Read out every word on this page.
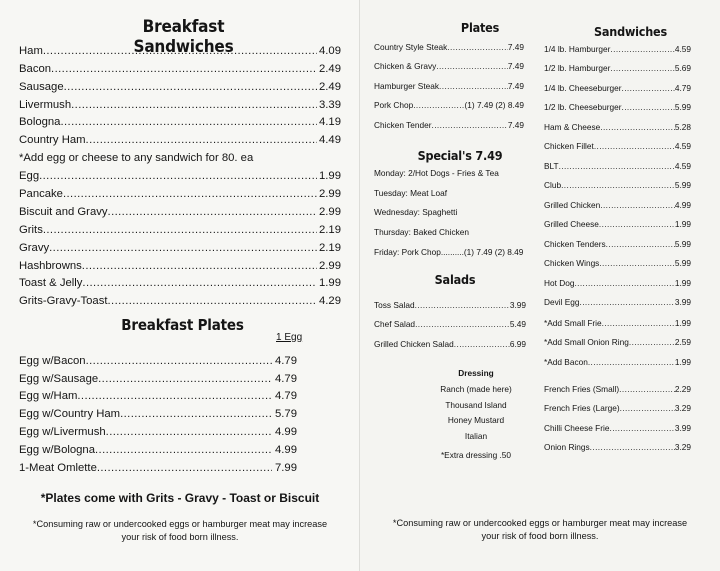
Breakfast Sandwiches
Ham .....	4.09
Bacon .....	2.49
Sausage .....	2.49
Livermush .....	3.39
Bologna .....	4.19
Country Ham .....	4.49
*Add egg or cheese to any sandwich for 80. ea
Egg .....	1.99
Pancake .....	2.99
Biscuit and Gravy .....	2.99
Grits .....	2.19
Gravy .....	2.19
Hashbrowns .....	2.99
Toast & Jelly .....	1.99
Grits-Gravy-Toast .....	4.29
Breakfast Plates
1 Egg
Egg w/Bacon .....	4.79
Egg w/Sausage .....	4.79
Egg w/Ham .....	4.79
Egg w/Country Ham .....	5.79
Egg w/Livermush .....	4.99
Egg w/Bologna .....	4.99
1-Meat Omlette .....	7.99
*Plates come with Grits - Gravy - Toast or Biscuit
*Consuming raw or undercooked eggs or hamburger meat may increase
your risk of food born illness.
Plates
Country Style Steak .....	7.49
Chicken & Gravy .....	7.49
Hamburger Steak .....	7.49
Pork Chop .....	(1) 7.49 (2) 8.49
Chicken Tender .....	7.49
Special's 7.49
Monday: 2/Hot Dogs - Fries & Tea
Tuesday: Meat Loaf
Wednesday: Spaghetti
Thursday: Baked Chicken
Friday: Pork Chop..........(1) 7.49 (2) 8.49
Salads
Toss Salad .....	3.99
Chef Salad .....	5.49
Grilled Chicken Salad .....	6.99
Dressing
Ranch (made here)
Thousand Island
Honey Mustard
Italian
*Extra dressing .50
Sandwiches
1/4 lb. Hamburger .....	4.59
1/2 lb. Hamburger .....	5.69
1/4 lb. Cheeseburger .....	4.79
1/2 lb. Cheeseburger .....	5.99
Ham & Cheese .....	5.28
Chicken Fillet .....	4.59
BLT .....	4.59
Club .....	5.99
Grilled Chicken .....	4.99
Grilled Cheese .....	1.99
Chicken Tenders .....	5.99
Chicken Wings .....	5.99
Hot Dog .....	1.99
Devil Egg .....	3.99
*Add Small Frie .....	1.99
*Add Small Onion Ring .....	2.59
*Add Bacon .....	1.99
French Fries (Small) .....	2.29
French Fries (Large) .....	3.29
Chilli Cheese Frie .....	3.99
Onion Rings .....	3.29
*Consuming raw or undercooked eggs or hamburger meat may increase
your risk of food born illness.
